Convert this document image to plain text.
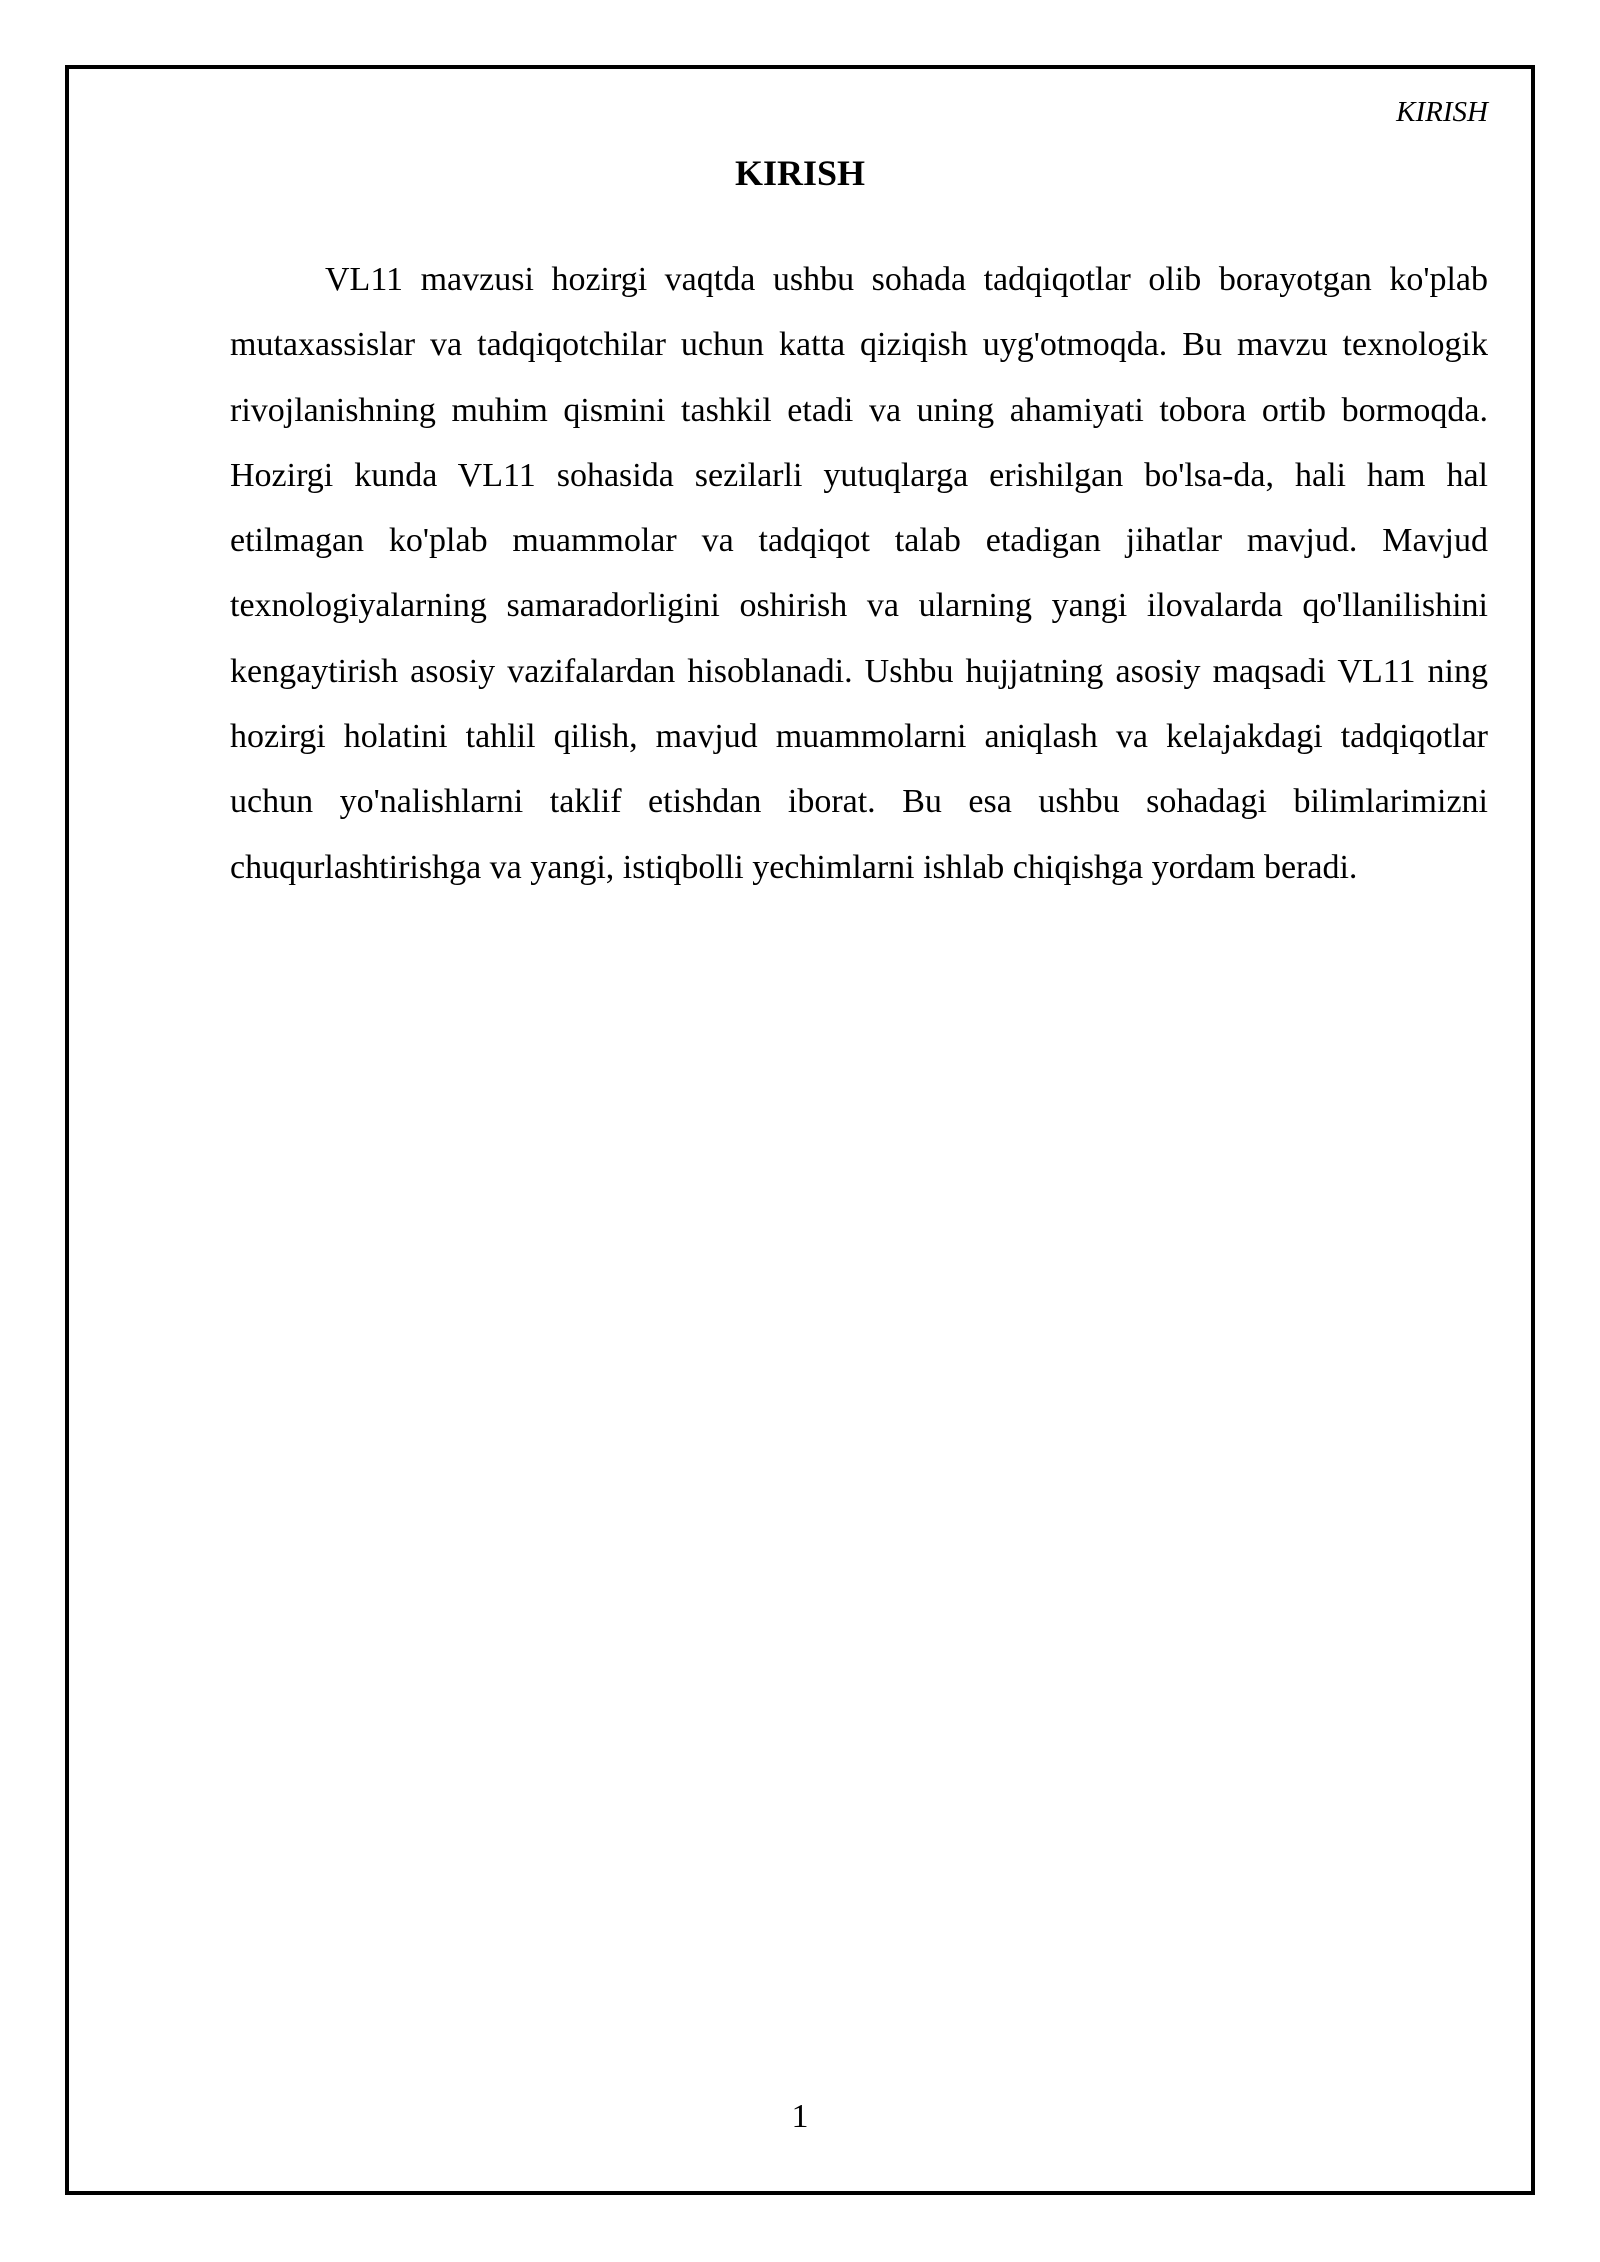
KIRISH
KIRISH

VL11 mavzusi hozirgi vaqtda ushbu sohada tadqiqotlar olib borayotgan ko'plab mutaxassislar va tadqiqotchilar uchun katta qiziqish uyg'otmoqda. Bu mavzu texnologik rivojlanishning muhim qismini tashkil etadi va uning ahamiyati tobora ortib bormoqda. Hozirgi kunda VL11 sohasida sezilarli yutuqlarga erishilgan bo'lsa-da, hali ham hal etilmagan ko'plab muammolar va tadqiqot talab etadigan jihatlar mavjud. Mavjud texnologiyalarning samaradorligini oshirish va ularning yangi ilovalarda qo'llanilishini kengaytirish asosiy vazifalardan hisoblanadi. Ushbu hujjatning asosiy maqsadi VL11 ning hozirgi holatini tahlil qilish, mavjud muammolarni aniqlash va kelajakdagi tadqiqotlar uchun yo'nalishlarni taklif etishdan iborat. Bu esa ushbu sohadagi bilimlarimizni chuqurlashtirishga va yangi, istiqbolli yechimlarni ishlab chiqishga yordam beradi.

1
